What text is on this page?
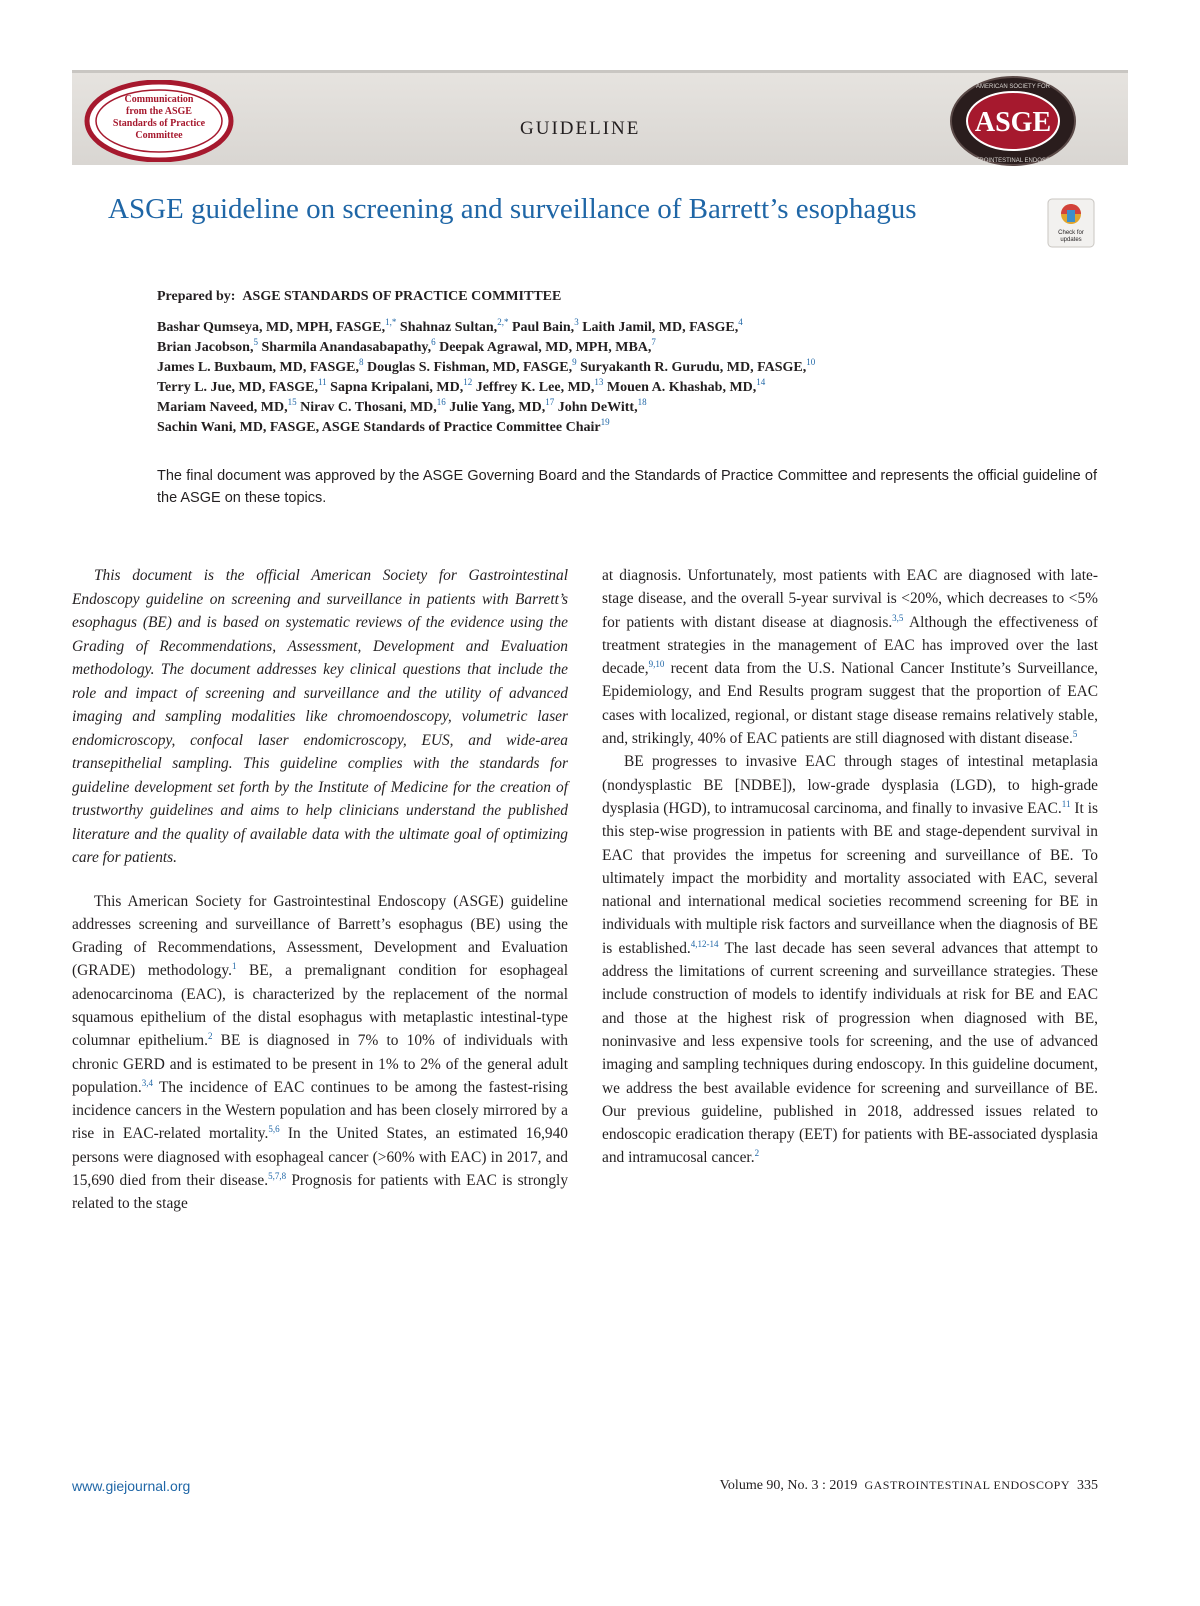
Communication
from the ASGE
Standards of Practice
Committee	GUIDELINE	ASGE
AMERICAN SOCIETY FOR
GASTROINTESTINAL ENDOSCOPY
ASGE guideline on screening and surveillance of Barrett’s esophagus
Check for
updates
Prepared by: ASGE STANDARDS OF PRACTICE COMMITTEE
Bashar Qumseya, MD, MPH, FASGE,$^{1,*}$ Shahnaz Sultan,$^{2,*}$ Paul Bain,$^3$ Laith Jamil, MD, FASGE,$^4$
Brian Jacobson,$^5$ Sharmila Anandasabapathy,$^6$ Deepak Agrawal, MD, MPH, MBA,$^7$
James L. Buxbaum, MD, FASGE,$^8$ Douglas S. Fishman, MD, FASGE,$^9$ Suryakanth R. Gurudu, MD, FASGE,$^{10}$
Terry L. Jue, MD, FASGE,$^{11}$ Sapna Kripalani, MD,$^{12}$ Jeffrey K. Lee, MD,$^{13}$ Mouen A. Khashab, MD,$^{14}$
Mariam Naveed, MD,$^{15}$ Nirav C. Thosani, MD,$^{16}$ Julie Yang, MD,$^{17}$ John DeWitt,$^{18}$
Sachin Wani, MD, FASGE, ASGE Standards of Practice Committee Chair$^{19}$
The final document was approved by the ASGE Governing Board and the Standards of Practice Committee and represents the official guideline of the ASGE on these topics.

This document is the official American Society for Gastrointestinal Endoscopy guideline on screening and surveillance in patients with Barrett’s esophagus (BE) and is based on systematic reviews of the evidence using the Grading of Recommendations, Assessment, Development and Evaluation methodology. The document addresses key clinical questions that include the role and impact of screening and surveillance and the utility of advanced imaging and sampling modalities like chromoendoscopy, volumetric laser endomicroscopy, confocal laser endomicroscopy, EUS, and wide-area transepithelial sampling. This guideline complies with the standards for guideline development set forth by the Institute of Medicine for the creation of trustworthy guidelines and aims to help clinicians understand the published literature and the quality of available data with the ultimate goal of optimizing care for patients.

This American Society for Gastrointestinal Endoscopy (ASGE) guideline addresses screening and surveillance of Barrett’s esophagus (BE) using the Grading of Recommendations, Assessment, Development and Evaluation (GRADE) methodology.$^1$ BE, a premalignant condition for esophageal adenocarcinoma (EAC), is characterized by the replacement of the normal squamous epithelium of the distal esophagus with metaplastic intestinal-type columnar epithelium.$^2$ BE is diagnosed in 7% to 10% of individuals with chronic GERD and is estimated to be present in 1% to 2% of the general adult population.$^{3,4}$ The incidence of EAC continues to be among the fastest-rising incidence cancers in the Western population and has been closely mirrored by a rise in EAC-related mortality.$^{5,6}$ In the United States, an estimated 16,940 persons were diagnosed with esophageal cancer (>60% with EAC) in 2017, and 15,690 died from their disease.$^{5,7,8}$ Prognosis for patients with EAC is strongly related to the stage

at diagnosis. Unfortunately, most patients with EAC are diagnosed with late-stage disease, and the overall 5-year survival is <20%, which decreases to <5% for patients with distant disease at diagnosis.$^{3,5}$ Although the effectiveness of treatment strategies in the management of EAC has improved over the last decade,$^{9,10}$ recent data from the U.S. National Cancer Institute’s Surveillance, Epidemiology, and End Results program suggest that the proportion of EAC cases with localized, regional, or distant stage disease remains relatively stable, and, strikingly, 40% of EAC patients are still diagnosed with distant disease.$^5$

BE progresses to invasive EAC through stages of intestinal metaplasia (nondysplastic BE [NDBE]), low-grade dysplasia (LGD), to high-grade dysplasia (HGD), to intramucosal carcinoma, and finally to invasive EAC.$^{11}$ It is this step-wise progression in patients with BE and stage-dependent survival in EAC that provides the impetus for screening and surveillance of BE. To ultimately impact the morbidity and mortality associated with EAC, several national and international medical societies recommend screening for BE in individuals with multiple risk factors and surveillance when the diagnosis of BE is established.$^{4,12-14}$ The last decade has seen several advances that attempt to address the limitations of current screening and surveillance strategies. These include construction of models to identify individuals at risk for BE and EAC and those at the highest risk of progression when diagnosed with BE, noninvasive and less expensive tools for screening, and the use of advanced imaging and sampling techniques during endoscopy. In this guideline document, we address the best available evidence for screening and surveillance of BE. Our previous guideline, published in 2018, addressed issues related to endoscopic eradication therapy (EET) for patients with BE-associated dysplasia and intramucosal cancer.$^2$

www.giejournal.org	Volume 90, No. 3 : 2019 GASTROINTESTINAL ENDOSCOPY 335
